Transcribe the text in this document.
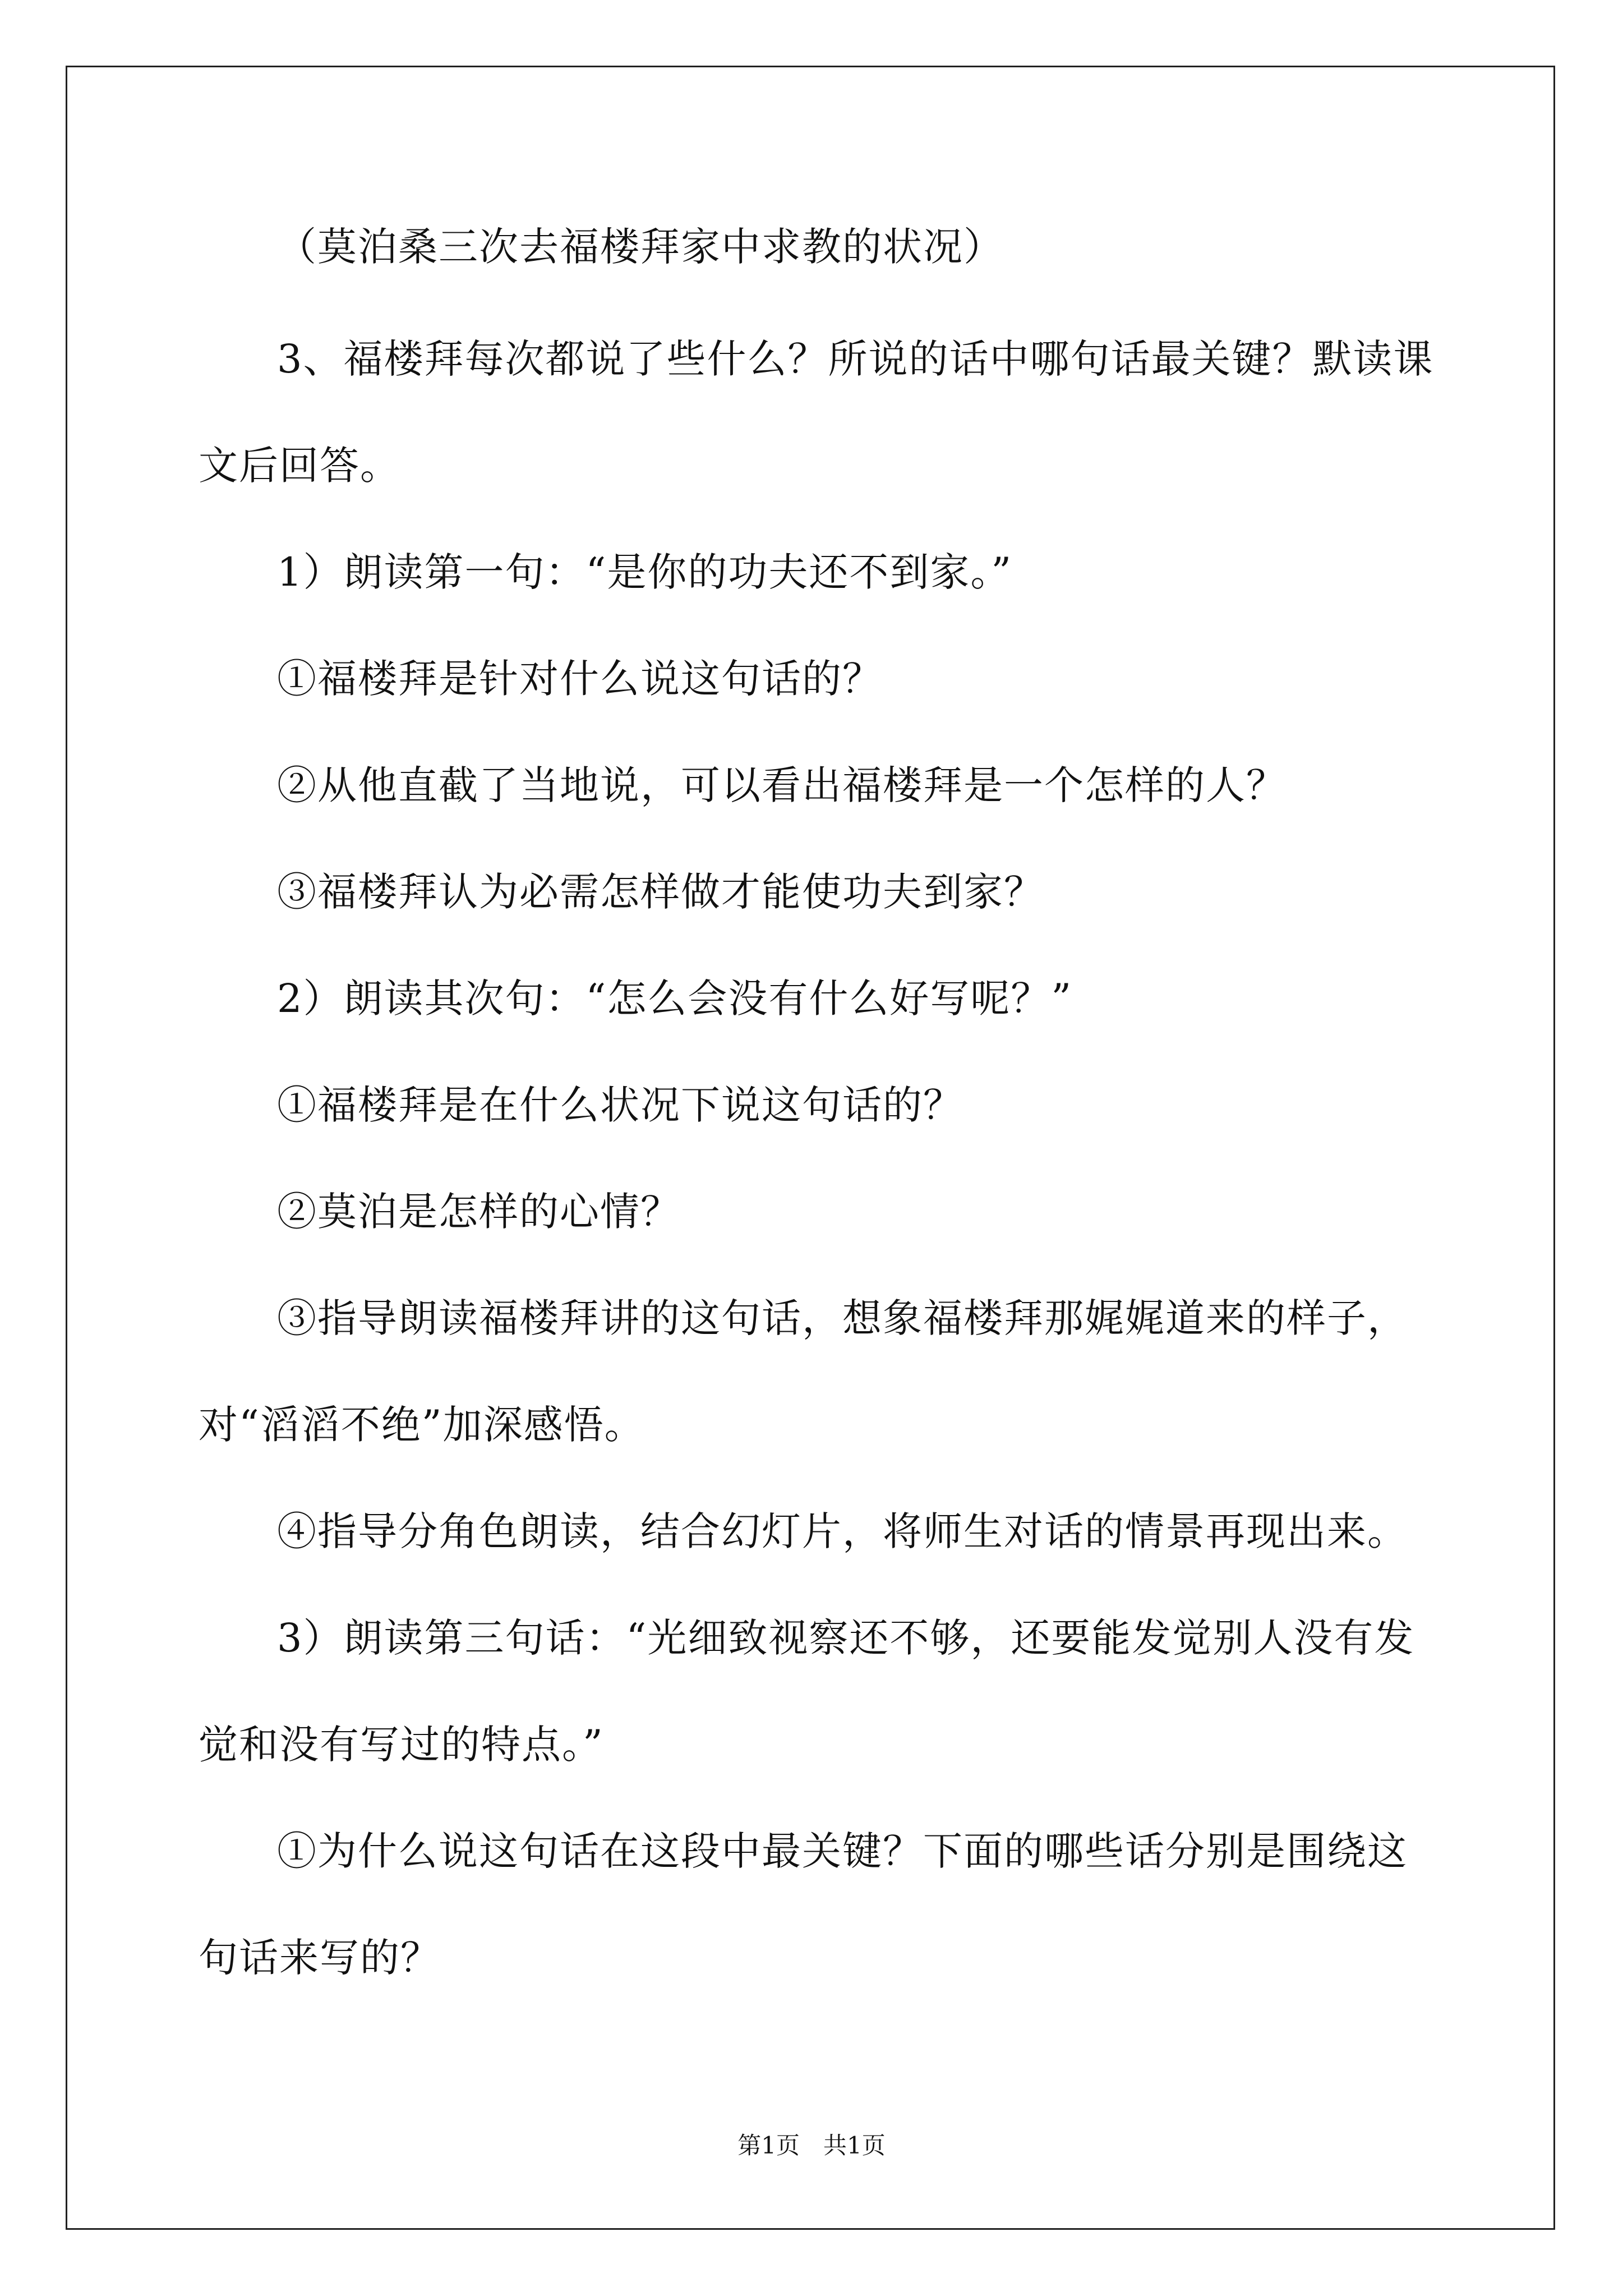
（莫泊桑三次去福楼拜家中求教的状况）
3、福楼拜每次都说了些什么？所说的话中哪句话最关键？默读课
文后回答。
1）朗读第一句：“是你的功夫还不到家。”
①福楼拜是针对什么说这句话的？
②从他直截了当地说，可以看出福楼拜是一个怎样的人？
③福楼拜认为必需怎样做才能使功夫到家？
2）朗读其次句：“怎么会没有什么好写呢？”
①福楼拜是在什么状况下说这句话的？
②莫泊是怎样的心情？
③指导朗读福楼拜讲的这句话，想象福楼拜那娓娓道来的样子，
对“滔滔不绝”加深感悟。
④指导分角色朗读，结合幻灯片，将师生对话的情景再现出来。
3）朗读第三句话：“光细致视察还不够，还要能发觉别人没有发
觉和没有写过的特点。”
①为什么说这句话在这段中最关键？下面的哪些话分别是围绕这
句话来写的？
第1页　共1页
